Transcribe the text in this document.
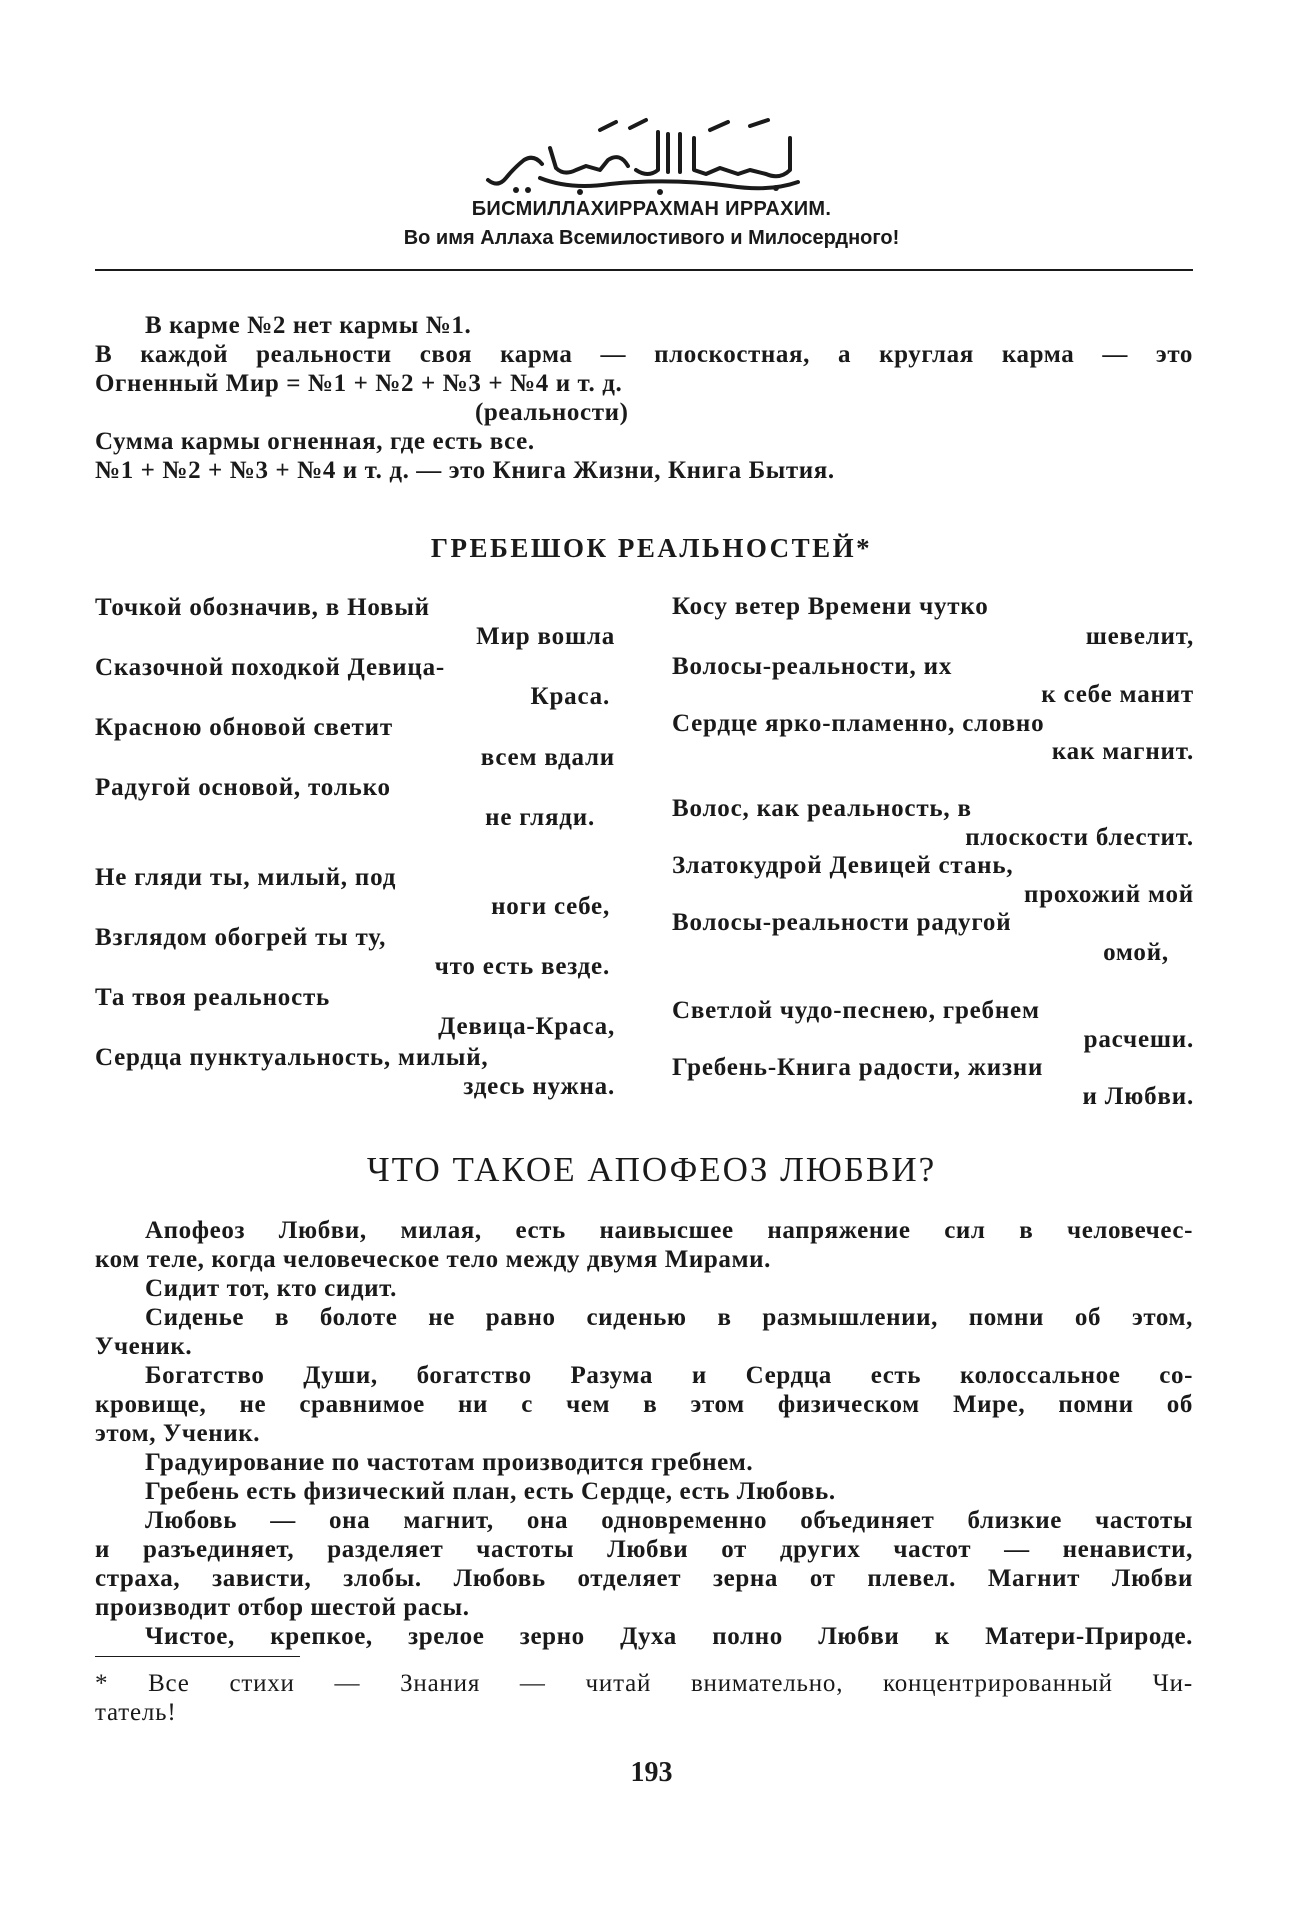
БИСМИЛЛАХИРРАХМАН ИРРАХИМ.
Во имя Аллаха Всемилостивого и Милосердного!
В карме №2 нет кармы №1.
В каждой реальности своя карма — плоскостная, а круглая карма — это
Огненный Мир = №1 + №2 + №3 + №4 и т. д.
(реальности)
Сумма кармы огненная, где есть все.
№1 + №2 + №3 + №4 и т. д. — это Книга Жизни, Книга Бытия.
ГРЕБЕШОК РЕАЛЬНОСТЕЙ*
Точкой обозначив, в Новый
Мир вошла
Сказочной походкой Девица-
Краса.
Красною обновой светит
всем вдали
Радугой основой, только
не гляди.
Не гляди ты, милый, под
ноги себе,
Взглядом обогрей ты ту,
что есть везде.
Та твоя реальность
Девица-Краса,
Сердца пунктуальность, милый,
здесь нужна.
Косу ветер Времени чутко
шевелит,
Волосы-реальности, их
к себе манит
Сердце ярко-пламенно, словно
как магнит.
Волос, как реальность, в
плоскости блестит.
Златокудрой Девицей стань,
прохожий мой
Волосы-реальности радугой
омой,
Светлой чудо-песнею, гребнем
расчеши.
Гребень-Книга радости, жизни
и Любви.
ЧТО ТАКОЕ АПОФЕОЗ ЛЮБВИ?
Апофеоз Любви, милая, есть наивысшее напряжение сил в человечес-
ком теле, когда человеческое тело между двумя Мирами.
Сидит тот, кто сидит.
Сиденье в болоте не равно сиденью в размышлении, помни об этом,
Ученик.
Богатство Души, богатство Разума и Сердца есть колоссальное со-
кровище, не сравнимое ни с чем в этом физическом Мире, помни об
этом, Ученик.
Градуирование по частотам производится гребнем.
Гребень есть физический план, есть Сердце, есть Любовь.
Любовь — она магнит, она одновременно объединяет близкие частоты
и разъединяет, разделяет частоты Любви от других частот — ненависти,
страха, зависти, злобы. Любовь отделяет зерна от плевел. Магнит Любви
производит отбор шестой расы.
Чистое, крепкое, зрелое зерно Духа полно Любви к Матери-Природе.
* Все стихи — Знания — читай внимательно, концентрированный Чи-
татель!
193
